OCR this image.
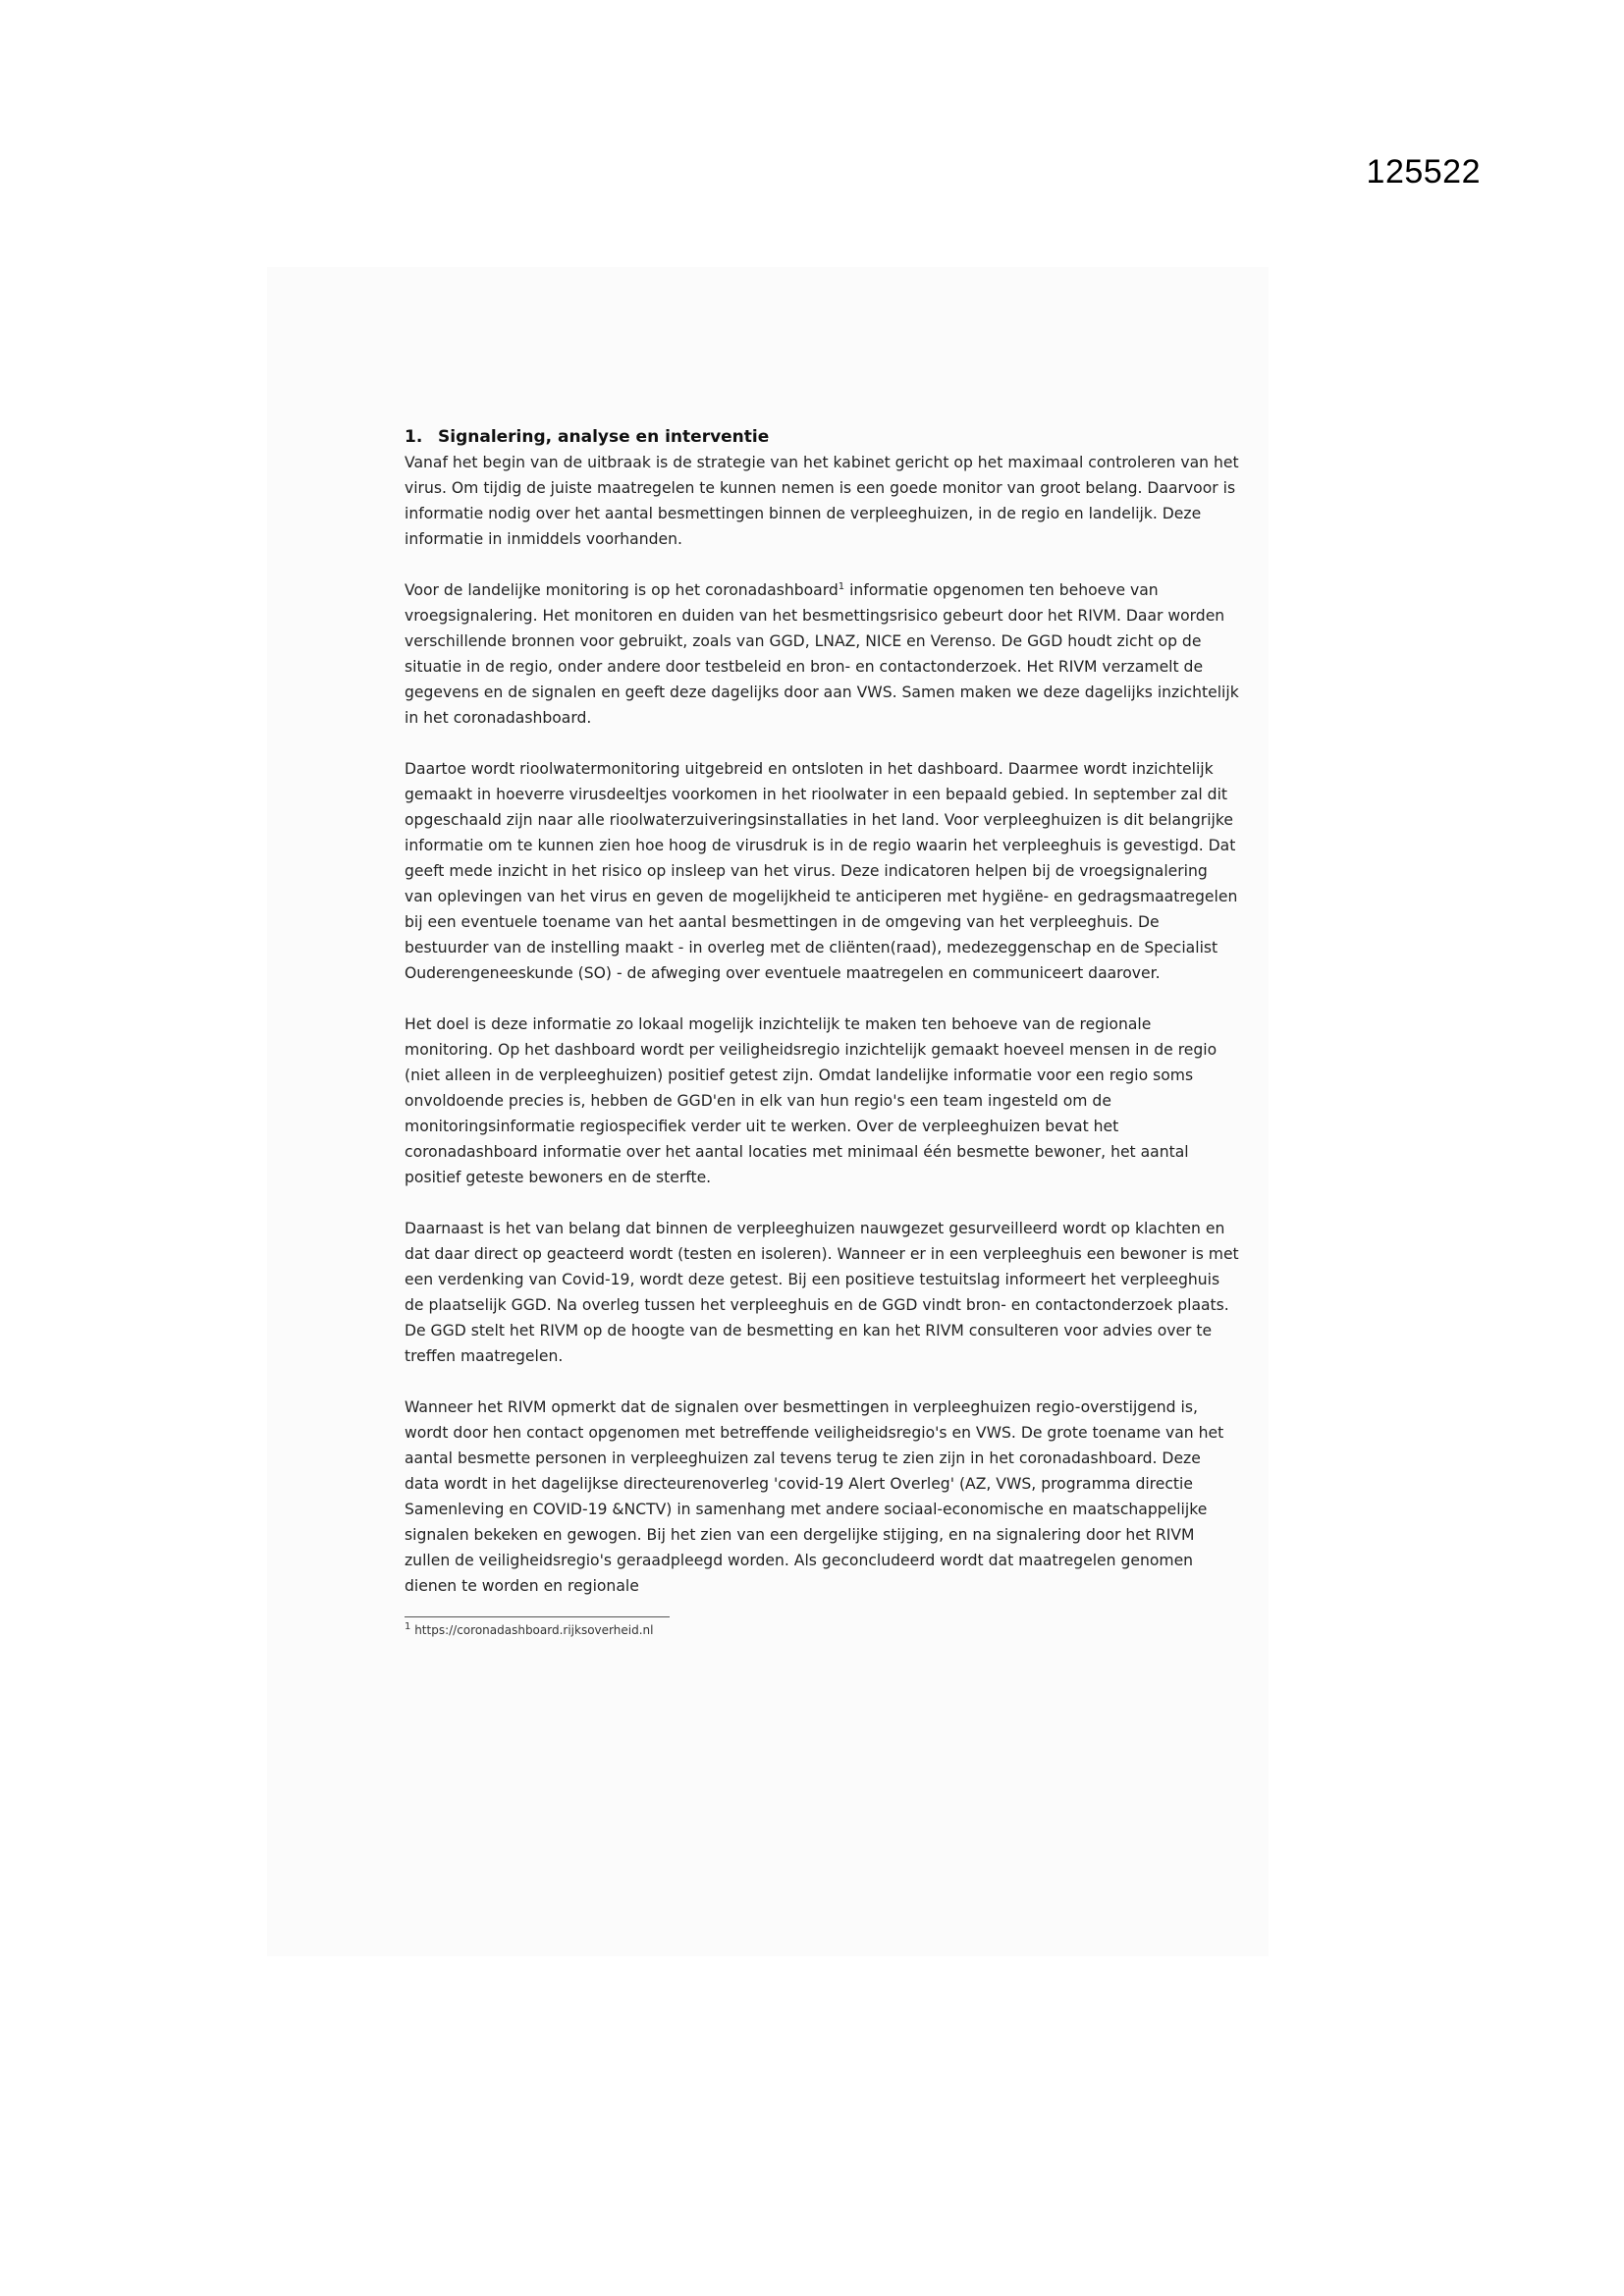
125522
1. Signalering, analyse en interventie

Vanaf het begin van de uitbraak is de strategie van het kabinet gericht op het maximaal controleren van het virus. Om tijdig de juiste maatregelen te kunnen nemen is een goede monitor van groot belang. Daarvoor is informatie nodig over het aantal besmettingen binnen de verpleeghuizen, in de regio en landelijk. Deze informatie in inmiddels voorhanden.

Voor de landelijke monitoring is op het coronadashboard$^1$ informatie opgenomen ten behoeve van vroegsignalering. Het monitoren en duiden van het besmettingsrisico gebeurt door het RIVM. Daar worden verschillende bronnen voor gebruikt, zoals van GGD, LNAZ, NICE en Verenso. De GGD houdt zicht op de situatie in de regio, onder andere door testbeleid en bron- en contactonderzoek. Het RIVM verzamelt de gegevens en de signalen en geeft deze dagelijks door aan VWS. Samen maken we deze dagelijks inzichtelijk in het coronadashboard.

Daartoe wordt rioolwatermonitoring uitgebreid en ontsloten in het dashboard. Daarmee wordt inzichtelijk gemaakt in hoeverre virusdeeltjes voorkomen in het rioolwater in een bepaald gebied. In september zal dit opgeschaald zijn naar alle rioolwaterzuiveringsinstallaties in het land. Voor verpleeghuizen is dit belangrijke informatie om te kunnen zien hoe hoog de virusdruk is in de regio waarin het verpleeghuis is gevestigd. Dat geeft mede inzicht in het risico op insleep van het virus. Deze indicatoren helpen bij de vroegsignalering van oplevingen van het virus en geven de mogelijkheid te anticiperen met hygiëne- en gedragsmaatregelen bij een eventuele toename van het aantal besmettingen in de omgeving van het verpleeghuis. De bestuurder van de instelling maakt - in overleg met de cliënten(raad), medezeggenschap en de Specialist Ouderengeneeskunde (SO) - de afweging over eventuele maatregelen en communiceert daarover.

Het doel is deze informatie zo lokaal mogelijk inzichtelijk te maken ten behoeve van de regionale monitoring. Op het dashboard wordt per veiligheidsregio inzichtelijk gemaakt hoeveel mensen in de regio (niet alleen in de verpleeghuizen) positief getest zijn. Omdat landelijke informatie voor een regio soms onvoldoende precies is, hebben de GGD'en in elk van hun regio's een team ingesteld om de monitoringsinformatie regiospecifiek verder uit te werken. Over de verpleeghuizen bevat het coronadashboard informatie over het aantal locaties met minimaal één besmette bewoner, het aantal positief geteste bewoners en de sterfte.

Daarnaast is het van belang dat binnen de verpleeghuizen nauwgezet gesurveilleerd wordt op klachten en dat daar direct op geacteerd wordt (testen en isoleren). Wanneer er in een verpleeghuis een bewoner is met een verdenking van Covid-19, wordt deze getest. Bij een positieve testuitslag informeert het verpleeghuis de plaatselijk GGD. Na overleg tussen het verpleeghuis en de GGD vindt bron- en contactonderzoek plaats. De GGD stelt het RIVM op de hoogte van de besmetting en kan het RIVM consulteren voor advies over te treffen maatregelen.

Wanneer het RIVM opmerkt dat de signalen over besmettingen in verpleeghuizen regio-overstijgend is, wordt door hen contact opgenomen met betreffende veiligheidsregio's en VWS. De grote toename van het aantal besmette personen in verpleeghuizen zal tevens terug te zien zijn in het coronadashboard. Deze data wordt in het dagelijkse directeurenoverleg 'covid-19 Alert Overleg' (AZ, VWS, programma directie Samenleving en COVID-19 &NCTV) in samenhang met andere sociaal-economische en maatschappelijke signalen bekeken en gewogen. Bij het zien van een dergelijke stijging, en na signalering door het RIVM zullen de veiligheidsregio's geraadpleegd worden. Als geconcludeerd wordt dat maatregelen genomen dienen te worden en regionale

$^1$ https://coronadashboard.rijksoverheid.nl
